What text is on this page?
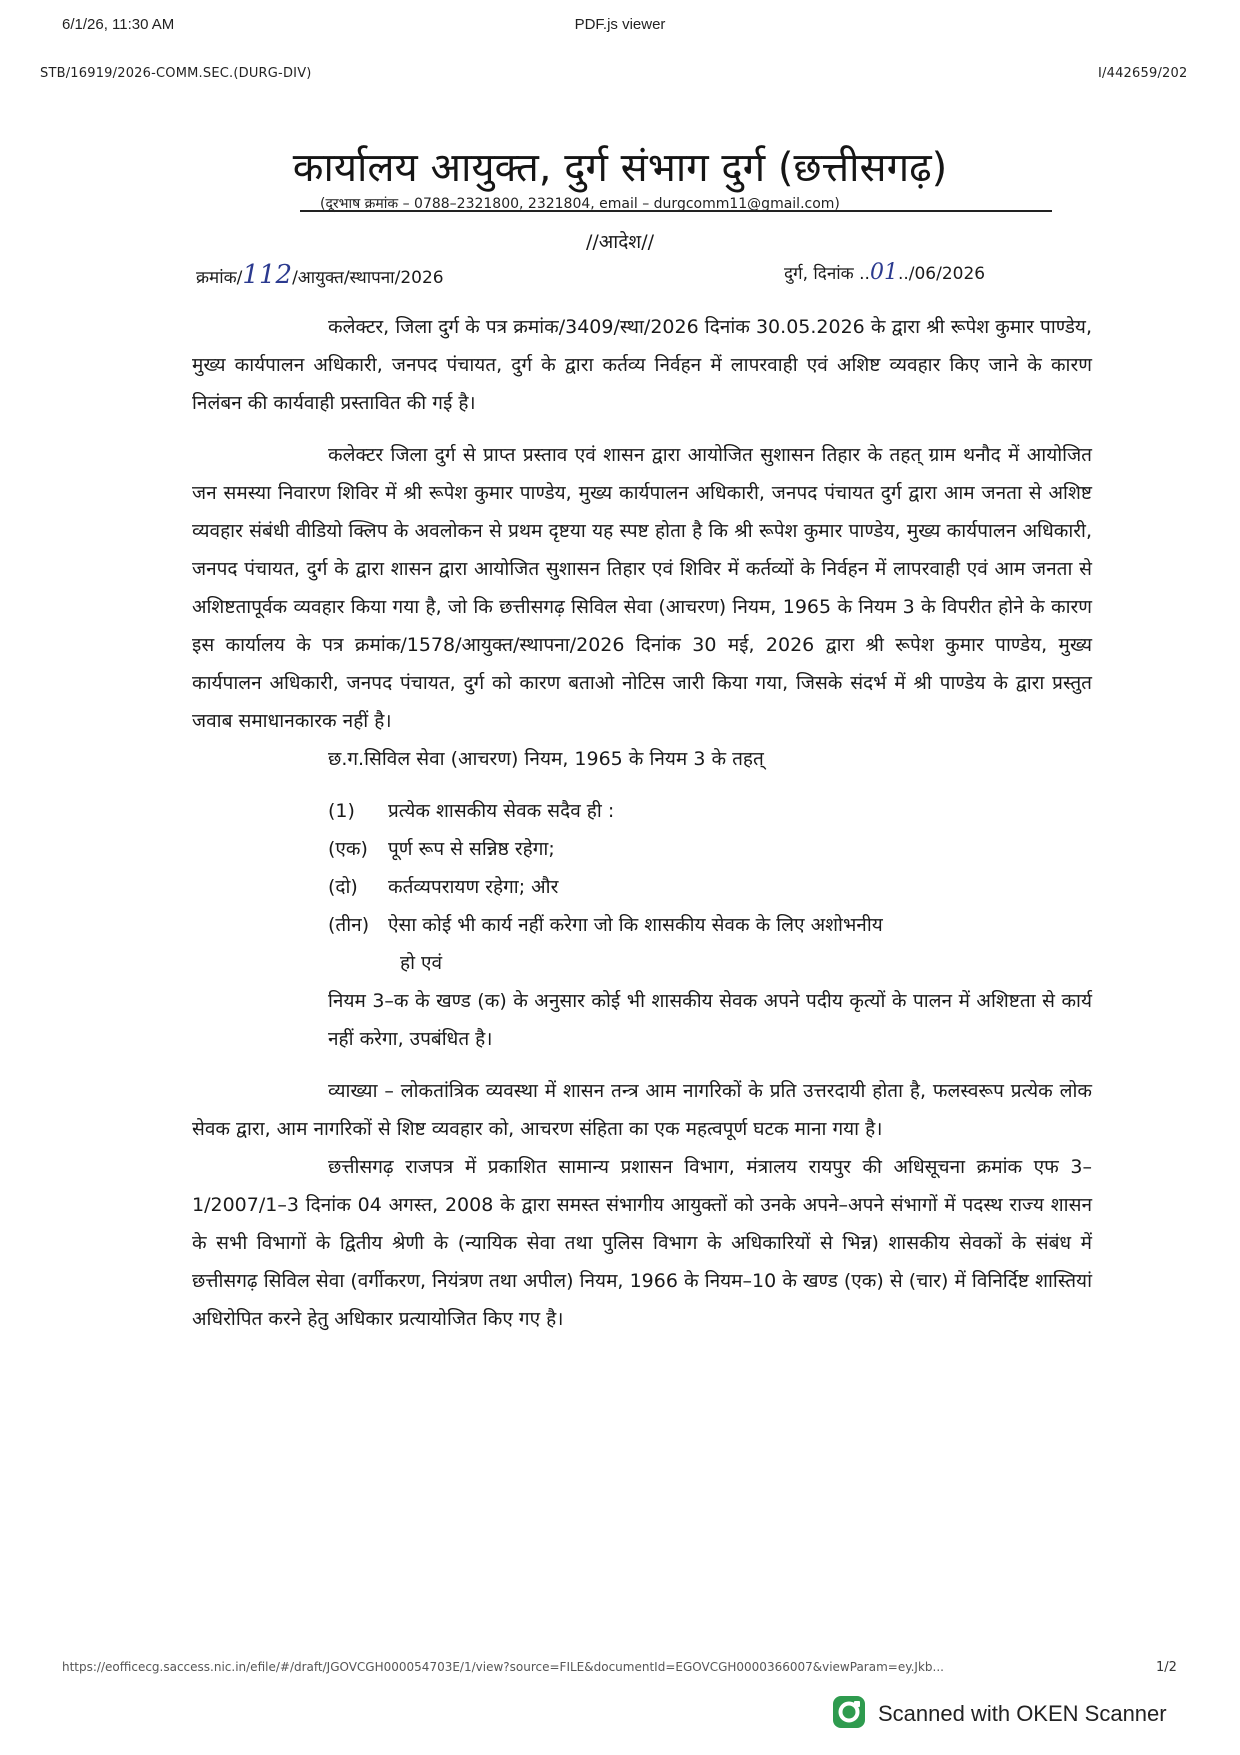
6/1/26, 11:30 AM	PDF.js viewer
STB/16919/2026-COMM.SEC.(DURG-DIV)	I/442659/202
कार्यालय आयुक्त, दुर्ग संभाग दुर्ग (छत्तीसगढ़)
(दूरभाष क्रमांक – 0788–2321800, 2321804, email – durgcomm11@gmail.com)
//आदेश//
क्रमांक/112/आयुक्त/स्थापना/2026	दुर्ग, दिनांक ..01../06/2026

कलेक्टर, जिला दुर्ग के पत्र क्रमांक/3409/स्था/2026 दिनांक 30.05.2026 के द्वारा श्री रूपेश कुमार पाण्डेय, मुख्य कार्यपालन अधिकारी, जनपद पंचायत, दुर्ग के द्वारा कर्तव्य निर्वहन में लापरवाही एवं अशिष्ट व्यवहार किए जाने के कारण निलंबन की कार्यवाही प्रस्तावित की गई है।

कलेक्टर जिला दुर्ग से प्राप्त प्रस्ताव एवं शासन द्वारा आयोजित सुशासन तिहार के तहत् ग्राम थनौद में आयोजित जन समस्या निवारण शिविर में श्री रूपेश कुमार पाण्डेय, मुख्य कार्यपालन अधिकारी, जनपद पंचायत दुर्ग द्वारा आम जनता से अशिष्ट व्यवहार संबंधी वीडियो क्लिप के अवलोकन से प्रथम दृष्टया यह स्पष्ट होता है कि श्री रूपेश कुमार पाण्डेय, मुख्य कार्यपालन अधिकारी, जनपद पंचायत, दुर्ग के द्वारा शासन द्वारा आयोजित सुशासन तिहार एवं शिविर में कर्तव्यों के निर्वहन में लापरवाही एवं आम जनता से अशिष्टतापूर्वक व्यवहार किया गया है, जो कि छत्तीसगढ़ सिविल सेवा (आचरण) नियम, 1965 के नियम 3 के विपरीत होने के कारण इस कार्यालय के पत्र क्रमांक/1578/आयुक्त/स्थापना/2026 दिनांक 30 मई, 2026 द्वारा श्री रूपेश कुमार पाण्डेय, मुख्य कार्यपालन अधिकारी, जनपद पंचायत, दुर्ग को कारण बताओ नोटिस जारी किया गया, जिसके संदर्भ में श्री पाण्डेय के द्वारा प्रस्तुत जवाब समाधानकारक नहीं है।

छ.ग.सिविल सेवा (आचरण) नियम, 1965 के नियम 3 के तहत्
(1)	प्रत्येक शासकीय सेवक सदैव ही :
(एक)	पूर्ण रूप से सन्निष्ठ रहेगा;
(दो)	कर्तव्यपरायण रहेगा; और
(तीन) ऐसा कोई भी कार्य नहीं करेगा जो कि शासकीय सेवक के लिए अशोभनीय
हो एवं
नियम 3–क के खण्ड (क) के अनुसार कोई भी शासकीय सेवक अपने पदीय कृत्यों के पालन में अशिष्टता से कार्य नहीं करेगा, उपबंधित है।

व्याख्या – लोकतांत्रिक व्यवस्था में शासन तन्त्र आम नागरिकों के प्रति उत्तरदायी होता है, फलस्वरूप प्रत्येक लोक सेवक द्वारा, आम नागरिकों से शिष्ट व्यवहार को, आचरण संहिता का एक महत्वपूर्ण घटक माना गया है।

छत्तीसगढ़ राजपत्र में प्रकाशित सामान्य प्रशासन विभाग, मंत्रालय रायपुर की अधिसूचना क्रमांक एफ 3–1/2007/1–3 दिनांक 04 अगस्त, 2008 के द्वारा समस्त संभागीय आयुक्तों को उनके अपने–अपने संभागों में पदस्थ राज्य शासन के सभी विभागों के द्वितीय श्रेणी के (न्यायिक सेवा तथा पुलिस विभाग के अधिकारियों से भिन्न) शासकीय सेवकों के संबंध में छत्तीसगढ़ सिविल सेवा (वर्गीकरण, नियंत्रण तथा अपील) नियम, 1966 के नियम–10 के खण्ड (एक) से (चार) में विनिर्दिष्ट शास्तियां अधिरोपित करने हेतु अधिकार प्रत्यायोजित किए गए है।

https://eofficecg.saccess.nic.in/efile/#/draft/JGOVCGH000054703E/1/view?source=FILE&documentId=EGOVCGH0000366007&viewParam=ey.Jkb...	1/2
Scanned with OKEN Scanner
